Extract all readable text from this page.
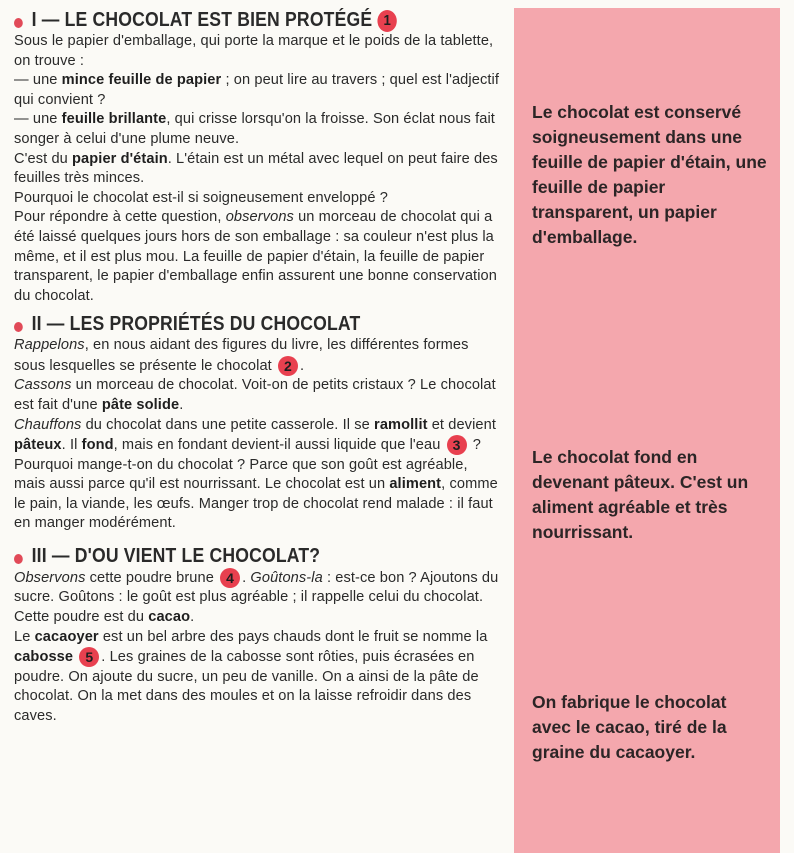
I — LE CHOCOLAT EST BIEN PROTÉGÉ 1

Sous le papier d'emballage, qui porte la marque et le poids de la tablette, on trouve :

— une mince feuille de papier ; on peut lire au travers ; quel est l'adjectif qui convient ?

— une feuille brillante, qui crisse lorsqu'on la froisse. Son éclat nous fait songer à celui d'une plume neuve.

C'est du papier d'étain. L'étain est un métal avec lequel on peut faire des feuilles très minces.

Pourquoi le chocolat est-il si soigneusement enveloppé ?

Pour répondre à cette question, observons un morceau de chocolat qui a été laissé quelques jours hors de son emballage : sa couleur n'est plus la même, et il est plus mou. La feuille de papier d'étain, la feuille de papier transparent, le papier d'emballage enfin assurent une bonne conservation du chocolat.

II — LES PROPRIÉTÉS DU CHOCOLAT

Rappelons, en nous aidant des figures du livre, les différentes formes sous lesquelles se présente le chocolat 2 .

Cassons un morceau de chocolat. Voit-on de petits cristaux ? Le chocolat est fait d'une pâte solide.

Chauffons du chocolat dans une petite casserole. Il se ramollit et devient pâteux. Il fond, mais en fondant devient-il aussi liquide que l'eau 3 ?

Pourquoi mange-t-on du chocolat ? Parce que son goût est agréable, mais aussi parce qu'il est nourrissant. Le chocolat est un aliment, comme le pain, la viande, les œufs. Manger trop de chocolat rend malade : il faut en manger modérément.

III — D'OU VIENT LE CHOCOLAT?

Observons cette poudre brune 4 . Goûtons-la : est-ce bon ? Ajoutons du sucre. Goûtons : le goût est plus agréable ; il rappelle celui du chocolat. Cette poudre est du cacao.

Le cacaoyer est un bel arbre des pays chauds dont le fruit se nomme la cabosse 5 . Les graines de la cabosse sont rôties, puis écrasées en poudre. On ajoute du sucre, un peu de vanille. On a ainsi de la pâte de chocolat. On la met dans des moules et on la laisse refroidir dans des caves.

Le chocolat est conservé soigneusement dans une feuille de papier d'étain, une feuille de papier transparent, un papier d'emballage.
Le chocolat fond en devenant pâteux. C'est un aliment agréable et très nourrissant.
On fabrique le chocolat avec le cacao, tiré de la graine du cacaoyer.
